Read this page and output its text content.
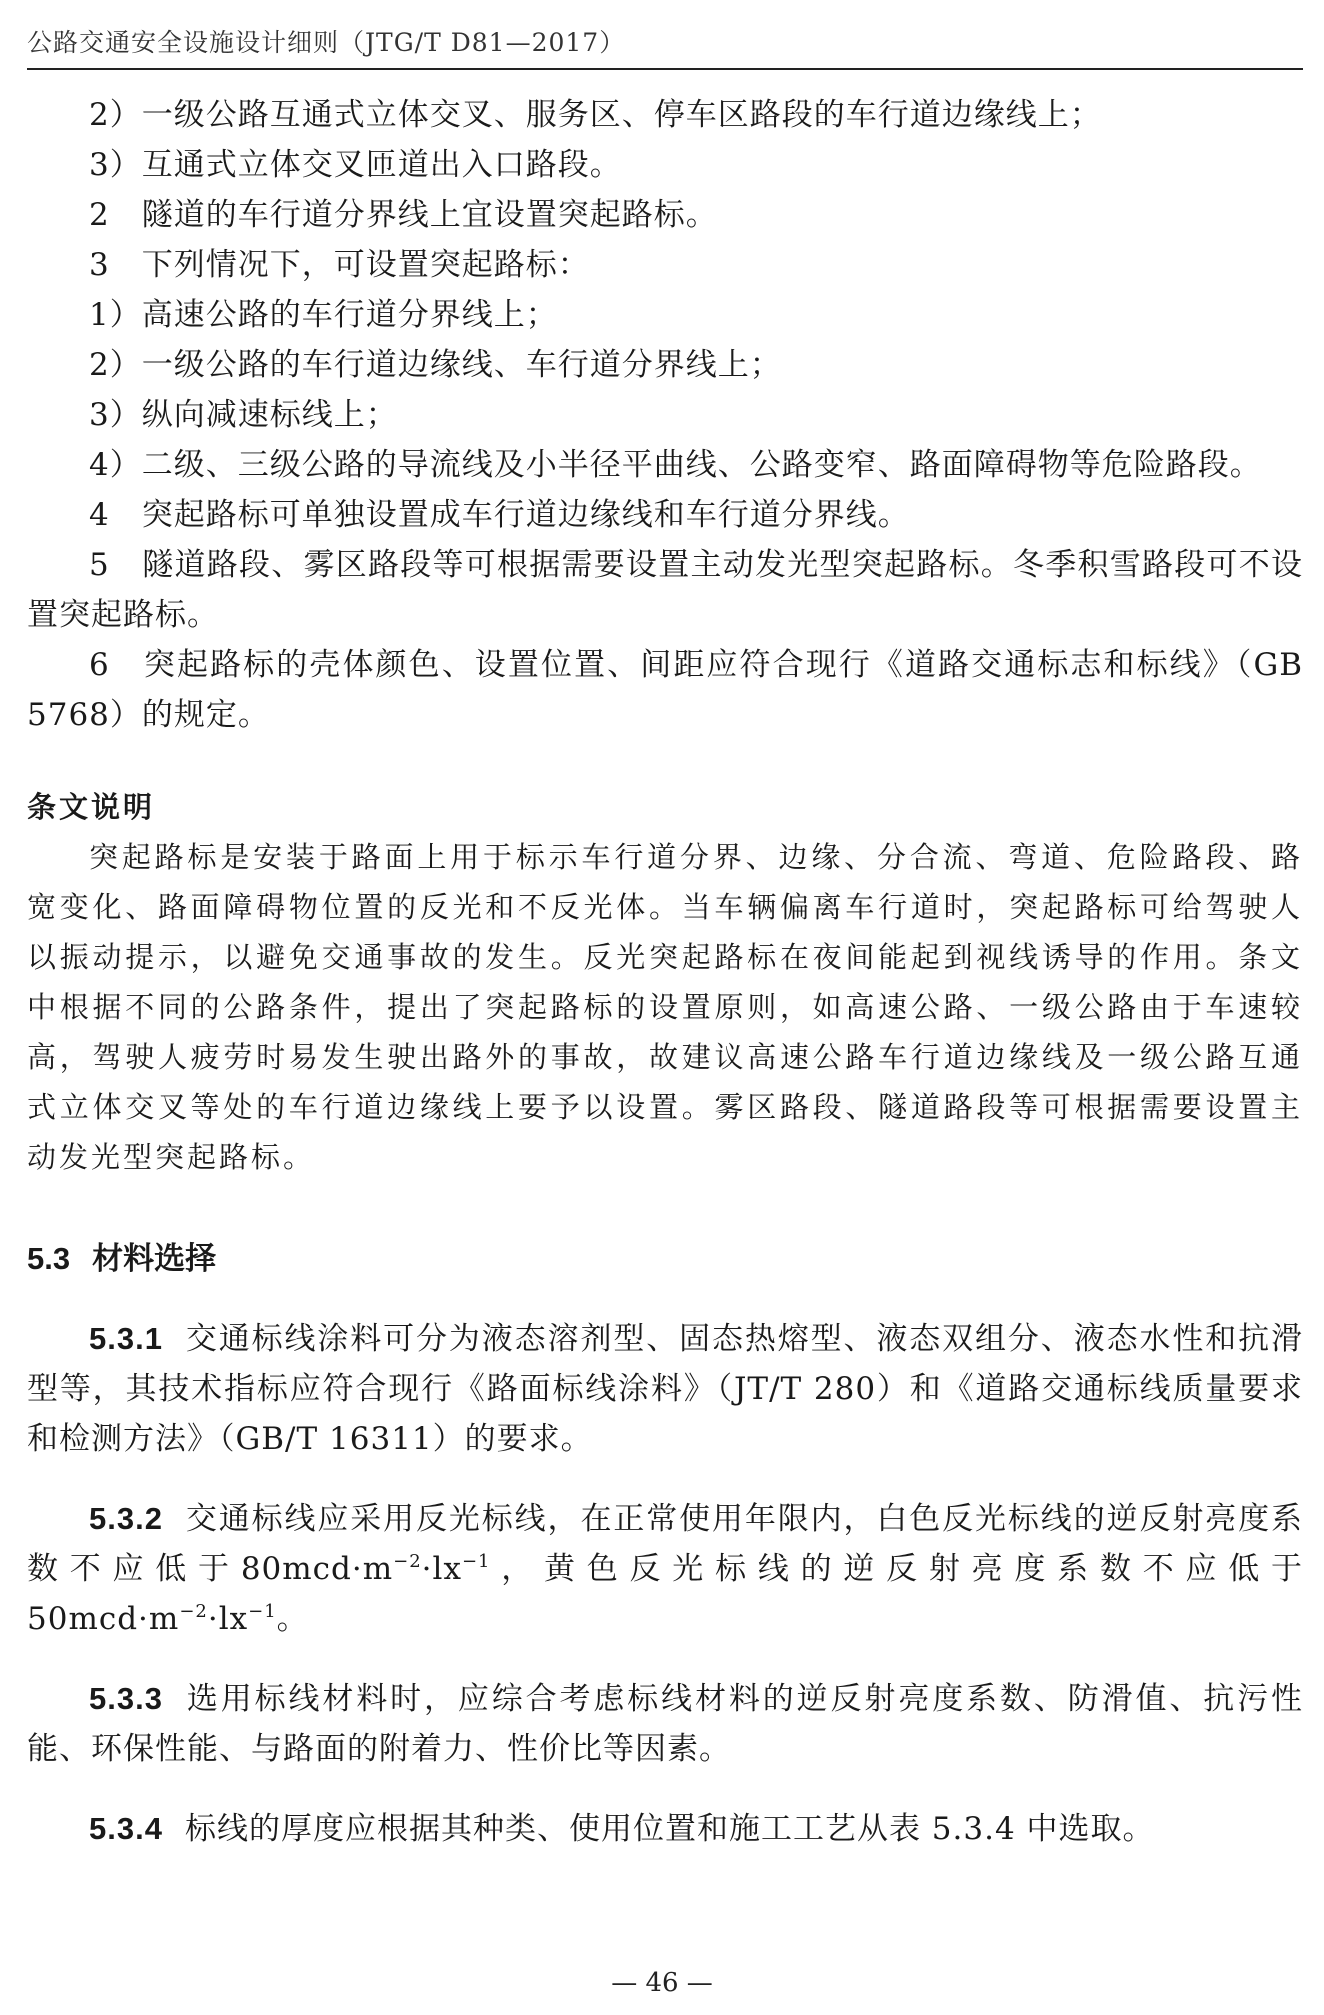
公路交通安全设施设计细则（JTG/T D81—2017）

2）一级公路互通式立体交叉、服务区、停车区路段的车行道边缘线上；

3）互通式立体交叉匝道出入口路段。

2　隧道的车行道分界线上宜设置突起路标。

3　下列情况下，可设置突起路标：

1）高速公路的车行道分界线上；

2）一级公路的车行道边缘线、车行道分界线上；

3）纵向减速标线上；

4）二级、三级公路的导流线及小半径平曲线、公路变窄、路面障碍物等危险路段。

4　突起路标可单独设置成车行道边缘线和车行道分界线。

5　隧道路段、雾区路段等可根据需要设置主动发光型突起路标。冬季积雪路段可不设置突起路标。

6　突起路标的壳体颜色、设置位置、间距应符合现行《道路交通标志和标线》（GB 5768）的规定。

条文说明

突起路标是安装于路面上用于标示车行道分界、边缘、分合流、弯道、危险路段、路宽变化、路面障碍物位置的反光和不反光体。当车辆偏离车行道时，突起路标可给驾驶人以振动提示，以避免交通事故的发生。反光突起路标在夜间能起到视线诱导的作用。条文中根据不同的公路条件，提出了突起路标的设置原则，如高速公路、一级公路由于车速较高，驾驶人疲劳时易发生驶出路外的事故，故建议高速公路车行道边缘线及一级公路互通式立体交叉等处的车行道边缘线上要予以设置。雾区路段、隧道路段等可根据需要设置主动发光型突起路标。

5.3 材料选择

5.3.1 交通标线涂料可分为液态溶剂型、固态热熔型、液态双组分、液态水性和抗滑型等，其技术指标应符合现行《路面标线涂料》（JT/T 280）和《道路交通标线质量要求和检测方法》（GB/T 16311）的要求。

5.3.2 交通标线应采用反光标线，在正常使用年限内，白色反光标线的逆反射亮度系数不应低于$80mcd\cdot m^{-2}\cdot lx^{-1}$，黄色反光标线的逆反射亮度系数不应低于$50mcd\cdot m^{-2}\cdot lx^{-1}$。

5.3.3 选用标线材料时，应综合考虑标线材料的逆反射亮度系数、防滑值、抗污性能、环保性能、与路面的附着力、性价比等因素。

5.3.4 标线的厚度应根据其种类、使用位置和施工工艺从表 5.3.4 中选取。

— 46 —
